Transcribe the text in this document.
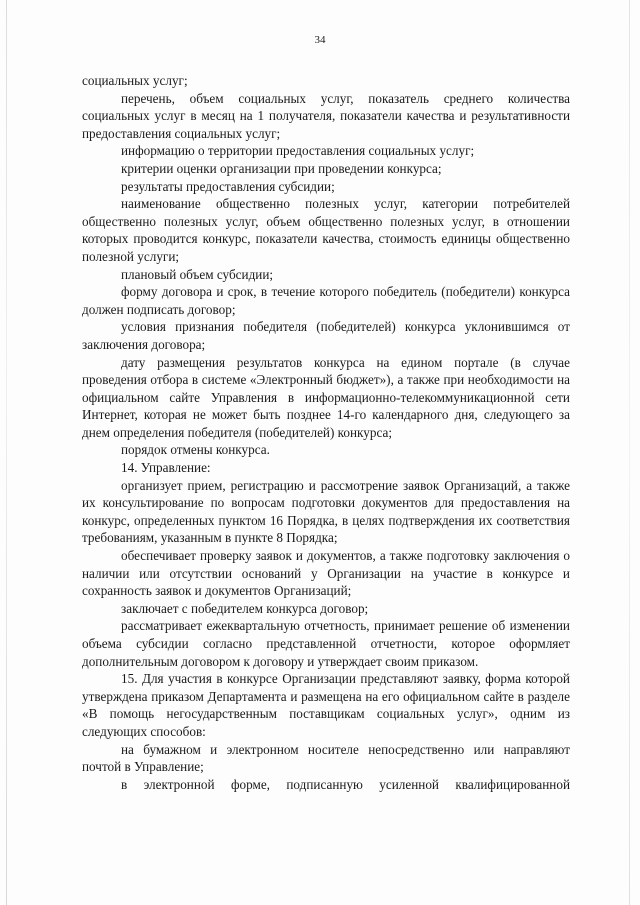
34

социальных услуг;

перечень, объем социальных услуг, показатель среднего количества социальных услуг в месяц на 1 получателя, показатели качества и результативности предоставления социальных услуг;

информацию о территории предоставления социальных услуг;

критерии оценки организации при проведении конкурса;

результаты предоставления субсидии;

наименование общественно полезных услуг, категории потребителей общественно полезных услуг, объем общественно полезных услуг, в отношении которых проводится конкурс, показатели качества, стоимость единицы общественно полезной услуги;

плановый объем субсидии;

форму договора и срок, в течение которого победитель (победители) конкурса должен подписать договор;

условия признания победителя (победителей) конкурса уклонившимся от заключения договора;

дату размещения результатов конкурса на едином портале (в случае проведения отбора в системе «Электронный бюджет»), а также при необходимости на официальном сайте Управления в информационно-телекоммуникационной сети Интернет, которая не может быть позднее 14-го календарного дня, следующего за днем определения победителя (победителей) конкурса;

порядок отмены конкурса.

14. Управление:

организует прием, регистрацию и рассмотрение заявок Организаций, а также их консультирование по вопросам подготовки документов для предоставления на конкурс, определенных пунктом 16 Порядка, в целях подтверждения их соответствия требованиям, указанным в пункте 8 Порядка;

обеспечивает проверку заявок и документов, а также подготовку заключения о наличии или отсутствии оснований у Организации на участие в конкурсе и сохранность заявок и документов Организаций;

заключает с победителем конкурса договор;

рассматривает ежеквартальную отчетность, принимает решение об изменении объема субсидии согласно представленной отчетности, которое оформляет дополнительным договором к договору и утверждает своим приказом.

15. Для участия в конкурсе Организации представляют заявку, форма которой утверждена приказом Департамента и размещена на его официальном сайте в разделе «В помощь негосударственным поставщикам социальных услуг», одним из следующих способов:

на бумажном и электронном носителе непосредственно или направляют почтой в Управление;

в электронной форме, подписанную усиленной квалифицированной
